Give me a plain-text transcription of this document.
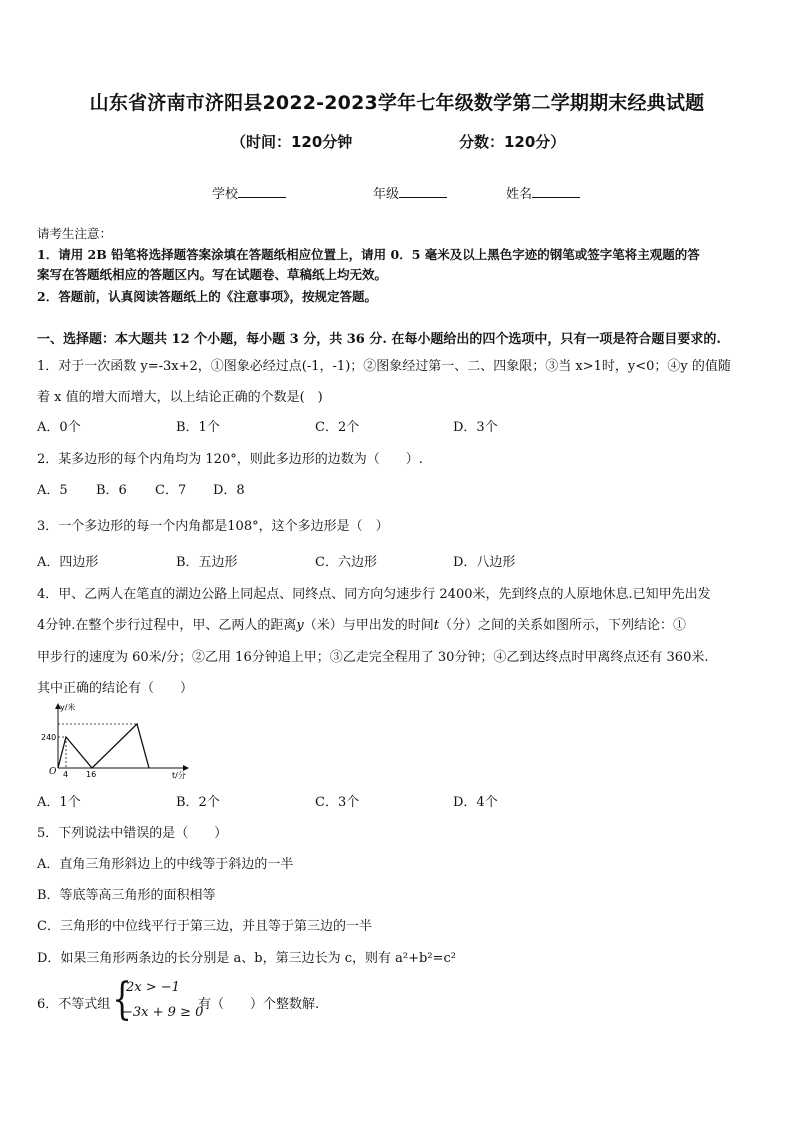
山东省济南市济阳县2022-2023学年七年级数学第二学期期末经典试题
（时间：120分钟	分数：120分）
学校	年级	姓名
请考生注意：
1．请用 2B 铅笔将选择题答案涂填在答题纸相应位置上，请用 0．5 毫米及以上黑色字迹的钢笔或签字笔将主观题的答
案写在答题纸相应的答题区内。写在试题卷、草稿纸上均无效。
2．答题前，认真阅读答题纸上的《注意事项》，按规定答题。
一、选择题：本大题共 12 个小题，每小题 3 分，共 36 分. 在每小题给出的四个选项中，只有一项是符合题目要求的.
1．对于一次函数 y=-3x+2，①图象必经过点(-1，-1)；②图象经过第一、二、四象限；③当 x>1时，y<0；④y 的值随
着 x 值的增大而增大，以上结论正确的个数是(　)
A．0个	B．1个	C．2个	D．3个
2．某多边形的每个内角均为 120°，则此多边形的边数为（　　）.
A．5 B．6 C．7 D．8
3．一个多边形的每一个内角都是108°，这个多边形是（　）
A．四边形	B．五边形	C．六边形	D．八边形
4．甲、乙两人在笔直的湖边公路上同起点、同终点、同方向匀速步行 2400米，先到终点的人原地休息.已知甲先出发
4分钟.在整个步行过程中，甲、乙两人的距离y（米）与甲出发的时间t（分）之间的关系如图所示，下列结论：①
甲步行的速度为 60米/分；②乙用 16分钟追上甲；③乙走完全程用了 30分钟；④乙到达终点时甲离终点还有 360米.
其中正确的结论有（　　）
y/米
t/分
O
240
4 16
A．1个	B．2个	C．3个	D．4个
5．下列说法中错误的是（　　）
A．直角三角形斜边上的中线等于斜边的一半
B．等底等高三角形的面积相等
C．三角形的中位线平行于第三边，并且等于第三边的一半
D．如果三角形两条边的长分别是 a、b，第三边长为 c，则有 a²+b²=c²
6．不等式组 {
2x > −1
−3x + 9 ≥ 0
有（　　）个整数解.
